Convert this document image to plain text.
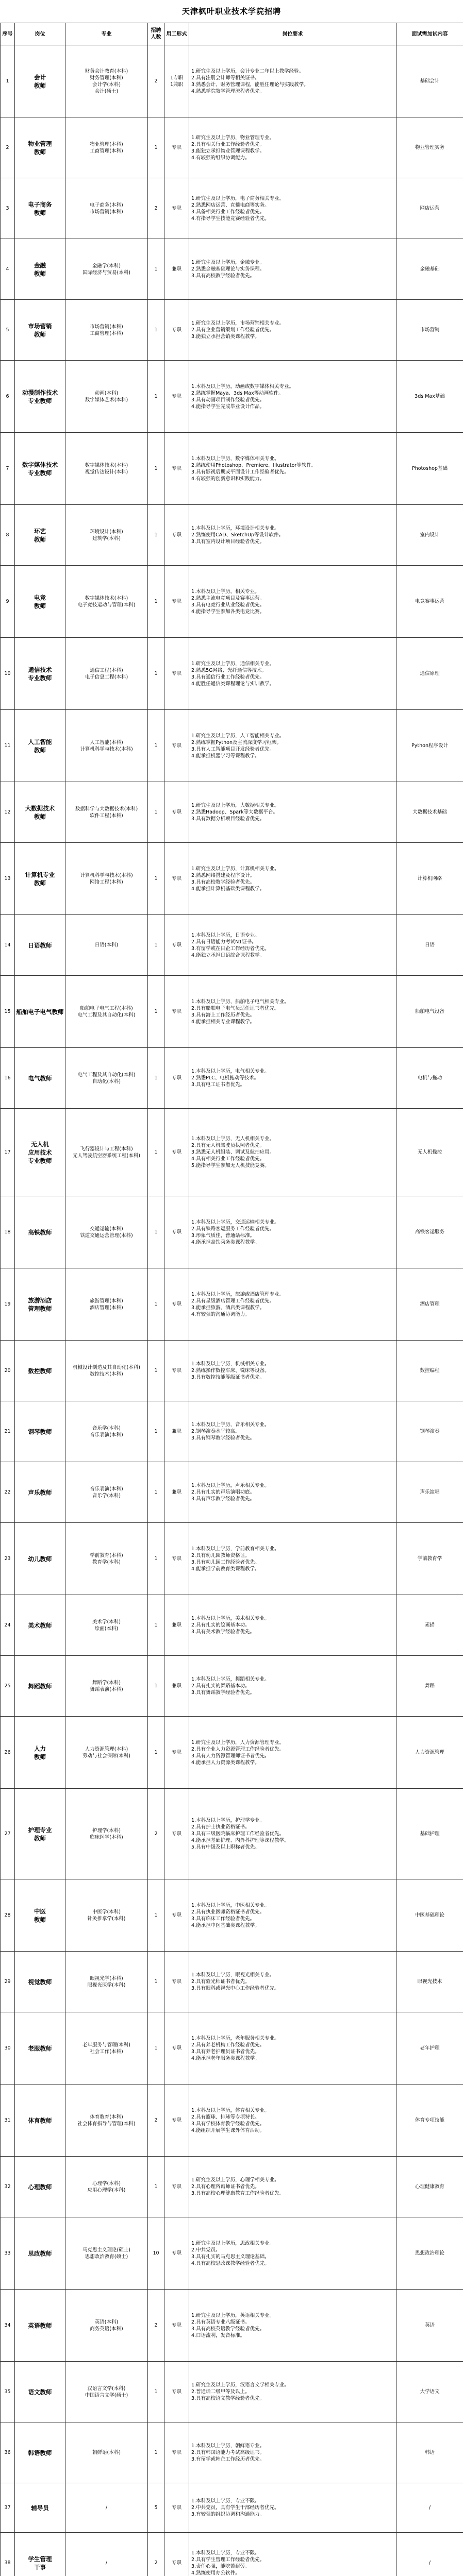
天津枫叶职业技术学院招聘
序号	岗位	专业	招聘人数	用工形式	岗位要求	面试需加试内容
1	会计
教师	财务会计教育(本科)
财务管理(本科)
会计学(本科)
会计(硕士)	2	1专职
1兼职	1.研究生及以上学历，会计专业二年以上教学经验。
2.具有注册会计师等相关证书。
3.熟悉会计、财务管理课程，能胜任理论与实践教学。
4.熟悉学院教学管理流程者优先。	基础会计
2	物业管理
教师	物业管理(本科)
工商管理(本科)	1	专职	1.研究生及以上学历，物业管理专业。
2.具有相关行业工作经验者优先。
3.能独立承担物业管理课程教学。
4.有较强的组织协调能力。	物业管理实务
3	电子商务
教师	电子商务(本科)
市场营销(本科)	2	专职	1.研究生及以上学历，电子商务相关专业。
2.熟悉网店运营、直播电商等实务。
3.具备相关行业工作经验者优先。
4.有指导学生技能竞赛经验者优先。	网店运营
4	金融
教师	金融学(本科)
国际经济与贸易(本科)	1	兼职	1.研究生及以上学历，金融专业。
2.熟悉金融基础理论与实务课程。
3.具有高校教学经验者优先。	金融基础
5	市场营销
教师	市场营销(本科)
工商管理(本科)	1	专职	1.研究生及以上学历，市场营销相关专业。
2.具有企业营销策划工作经验者优先。
3.能独立承担营销类课程教学。	市场营销
6	动漫制作技术
专业教师	动画(本科)
数字媒体艺术(本科)	1	专职	1.本科及以上学历，动画或数字媒体相关专业。
2.熟练掌握Maya、3ds Max等动画软件。
3.具有动画项目制作经验者优先。
4.能指导学生完成毕业设计作品。	3ds Max基础
7	数字媒体技术
专业教师	数字媒体技术(本科)
视觉传达设计(本科)	1	专职	1.本科及以上学历，数字媒体相关专业。
2.熟练使用Photoshop、Premiere、Illustrator等软件。
3.具有影视后期或平面设计工作经验者优先。
4.有较强的创新意识和实践能力。	Photoshop基础
8	环艺
教师	环境设计(本科)
建筑学(本科)	1	专职	1.本科及以上学历，环境设计相关专业。
2.熟练使用CAD、SketchUp等设计软件。
3.具有室内设计项目经验者优先。	室内设计
9	电竞
教师	数字媒体技术(本科)
电子竞技运动与管理(本科)	1	专职	1.本科及以上学历，相关专业。
2.熟悉主流电竞项目及赛事运营。
3.具有电竞行业从业经验者优先。
4.能指导学生参加各类电竞比赛。	电竞赛事运营
10	通信技术
专业教师	通信工程(本科)
电子信息工程(本科)	1	专职	1.研究生及以上学历，通信相关专业。
2.熟悉5G网络、光纤通信等技术。
3.具有通信行业工作经验者优先。
4.能胜任通信类课程理论与实训教学。	通信原理
11	人工智能
教师	人工智能(本科)
计算机科学与技术(本科)	1	专职	1.研究生及以上学历，人工智能相关专业。
2.熟练掌握Python及主流深度学习框架。
3.具有人工智能项目开发经验者优先。
4.能承担机器学习等课程教学。	Python程序设计
12	大数据技术
教师	数据科学与大数据技术(本科)
软件工程(本科)	1	专职	1.研究生及以上学历，大数据相关专业。
2.熟悉Hadoop、Spark等大数据平台。
3.具有数据分析项目经验者优先。	大数据技术基础
13	计算机专业
教师	计算机科学与技术(本科)
网络工程(本科)	1	专职	1.研究生及以上学历，计算机相关专业。
2.熟悉网络搭建及程序设计。
3.具有高校教学经验者优先。
4.能承担计算机基础类课程教学。	计算机网络
14	日语教师	日语(本科)	1	专职	1.本科及以上学历，日语专业。
2.具有日语能力考试N1证书。
3.有留学或在日企工作经历者优先。
4.能独立承担日语综合课程教学。	日语
15	船舶电子电气教师	船舶电子电气工程(本科)
电气工程及其自动化(本科)	1	专职	1.本科及以上学历，船舶电子电气相关专业。
2.具有船舶电子电气员适任证书者优先。
3.具有海上工作经历者优先。
4.能承担相关专业课程教学。	船舶电气设备
16	电气教师	电气工程及其自动化(本科)
自动化(本科)	1	专职	1.本科及以上学历，电气相关专业。
2.熟悉PLC、电机拖动等技术。
3.具有电工证书者优先。	电机与拖动
17	无人机
应用技术
专业教师	飞行器设计与工程(本科)
无人驾驶航空器系统工程(本科)	1	专职	1.本科及以上学历，无人机相关专业。
2.具有无人机驾驶员执照者优先。
3.熟悉无人机组装、调试及航拍应用。
4.具有相关行业工作经验者优先。
5.能指导学生参加无人机技能竞赛。	无人机操控
18	高铁教师	交通运输(本科)
铁道交通运营管理(本科)	1	专职	1.本科及以上学历，交通运输相关专业。
2.具有铁路客运服务工作经验者优先。
3.形象气质佳，普通话标准。
4.能承担高铁乘务类课程教学。	高铁客运服务
19	旅游酒店
管理教师	旅游管理(本科)
酒店管理(本科)	1	专职	1.本科及以上学历，旅游或酒店管理专业。
2.具有星级酒店管理工作经验者优先。
3.能承担旅游、酒店类课程教学。
4.有较强的沟通协调能力。	酒店管理
20	数控教师	机械设计制造及其自动化(本科)
数控技术(本科)	1	专职	1.本科及以上学历，机械相关专业。
2.熟练操作数控车床、铣床等设备。
3.具有数控技能等级证书者优先。	数控编程
21	钢琴教师	音乐学(本科)
音乐表演(本科)	1	兼职	1.本科及以上学历，音乐相关专业。
2.钢琴演奏水平较高。
3.具有钢琴教学经验者优先。	钢琴演奏
22	声乐教师	音乐表演(本科)
音乐学(本科)	1	兼职	1.本科及以上学历，声乐相关专业。
2.具有扎实的声乐演唱功底。
3.具有声乐教学经验者优先。	声乐演唱
23	幼儿教师	学前教育(本科)
教育学(本科)	1	专职	1.本科及以上学历，学前教育相关专业。
2.具有幼儿园教师资格证。
3.具有幼儿园工作经验者优先。
4.能承担学前教育类课程教学。	学前教育学
24	美术教师	美术学(本科)
绘画(本科)	1	兼职	1.本科及以上学历，美术相关专业。
2.具有扎实的绘画基本功。
3.具有美术教学经验者优先。	素描
25	舞蹈教师	舞蹈学(本科)
舞蹈表演(本科)	1	兼职	1.本科及以上学历，舞蹈相关专业。
2.具有扎实的舞蹈基本功。
3.具有舞蹈教学经验者优先。	舞蹈
26	人力
教师	人力资源管理(本科)
劳动与社会保障(本科)	1	专职	1.研究生及以上学历，人力资源管理专业。
2.具有企业人力资源管理工作经验者优先。
3.具有人力资源管理师证书者优先。
4.能承担人力资源类课程教学。	人力资源管理
27	护理专业
教师	护理学(本科)
临床医学(本科)	2	专职	1.本科及以上学历，护理学专业。
2.具有护士执业资格证书。
3.具有三级医院临床护理工作经验者优先。
4.能承担基础护理、内外科护理等课程教学。
5.具有中级及以上职称者优先。	基础护理
28	中医
教师	中医学(本科)
针灸推拿学(本科)	1	专职	1.本科及以上学历，中医相关专业。
2.具有执业医师资格证书者优先。
3.具有临床工作经验者优先。
4.能承担中医基础类课程教学。	中医基础理论
29	视觉教师	眼视光学(本科)
眼视光医学(本科)	1	专职	1.本科及以上学历，眼视光相关专业。
2.具有验光师证书者优先。
3.具有眼科或视光中心工作经验者优先。	眼视光技术
30	老服教师	老年服务与管理(本科)
社会工作(本科)	1	专职	1.本科及以上学历，老年服务相关专业。
2.具有养老机构工作经验者优先。
3.具有养老护理员证书者优先。
4.能承担老年服务类课程教学。	老年护理
31	体育教师	体育教育(本科)
社会体育指导与管理(本科)	2	专职	1.本科及以上学历，体育相关专业。
2.具有篮球、排球等专项特长。
3.具有学校体育教学经验者优先。
4.能组织开展学生课外体育活动。	体育专项技能
32	心理教师	心理学(本科)
应用心理学(本科)	1	专职	1.研究生及以上学历，心理学相关专业。
2.具有心理咨询师证书者优先。
3.具有高校心理健康教育工作经验者优先。	心理健康教育
33	思政教师	马克思主义理论(硕士)
思想政治教育(硕士)	10	专职	1.研究生及以上学历，思政相关专业。
2.中共党员。
3.具有扎实的马克思主义理论基础。
4.具有高校思政课教学经验者优先。	思想政治理论
34	英语教师	英语(本科)
商务英语(本科)	2	专职	1.研究生及以上学历，英语相关专业。
2.具有英语专业八级证书。
3.具有高校英语教学经验者优先。
4.口语流利，发音标准。	英语
35	语文教师	汉语言文学(本科)
中国语言文学(硕士)	1	专职	1.研究生及以上学历，汉语言文学相关专业。
2.普通话二级甲等及以上。
3.具有高校语文教学经验者优先。	大学语文
36	韩语教师	朝鲜语(本科)	1	专职	1.本科及以上学历，朝鲜语专业。
2.具有韩国语能力考试高级证书。
3.有留学或韩企工作经历者优先。	韩语
37	辅导员	/	5	专职	1.本科及以上学历，专业不限。
2.中共党员，具有学生干部经历者优先。
3.有较强的组织协调和沟通能力。	/
38	学生管理
干事	/	2	专职	1.本科及以上学历，专业不限。
2.具有学生管理工作经验者优先。
3.责任心强，能吃苦耐劳。
4.熟练使用办公软件。	/
